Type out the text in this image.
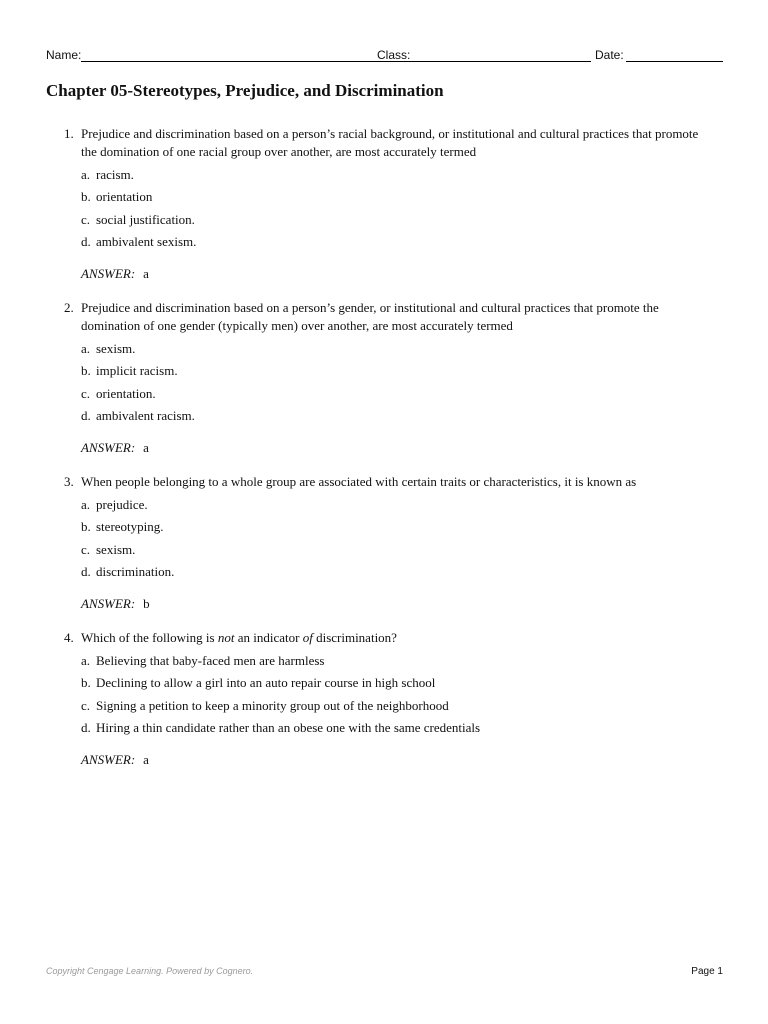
Name:	Class:	Date:
Chapter 05-Stereotypes, Prejudice, and Discrimination
1. Prejudice and discrimination based on a person’s racial background, or institutional and cultural practices that promote the domination of one racial group over another, are most accurately termed
a. racism.
b. orientation
c. social justification.
d. ambivalent sexism.
ANSWER: a
2. Prejudice and discrimination based on a person’s gender, or institutional and cultural practices that promote the domination of one gender (typically men) over another, are most accurately termed
a. sexism.
b. implicit racism.
c. orientation.
d. ambivalent racism.
ANSWER: a
3. When people belonging to a whole group are associated with certain traits or characteristics, it is known as
a. prejudice.
b. stereotyping.
c. sexism.
d. discrimination.
ANSWER: b
4. Which of the following is not an indicator of discrimination?
a. Believing that baby-faced men are harmless
b. Declining to allow a girl into an auto repair course in high school
c. Signing a petition to keep a minority group out of the neighborhood
d. Hiring a thin candidate rather than an obese one with the same credentials
ANSWER: a
Copyright Cengage Learning. Powered by Cognero.	Page 1
